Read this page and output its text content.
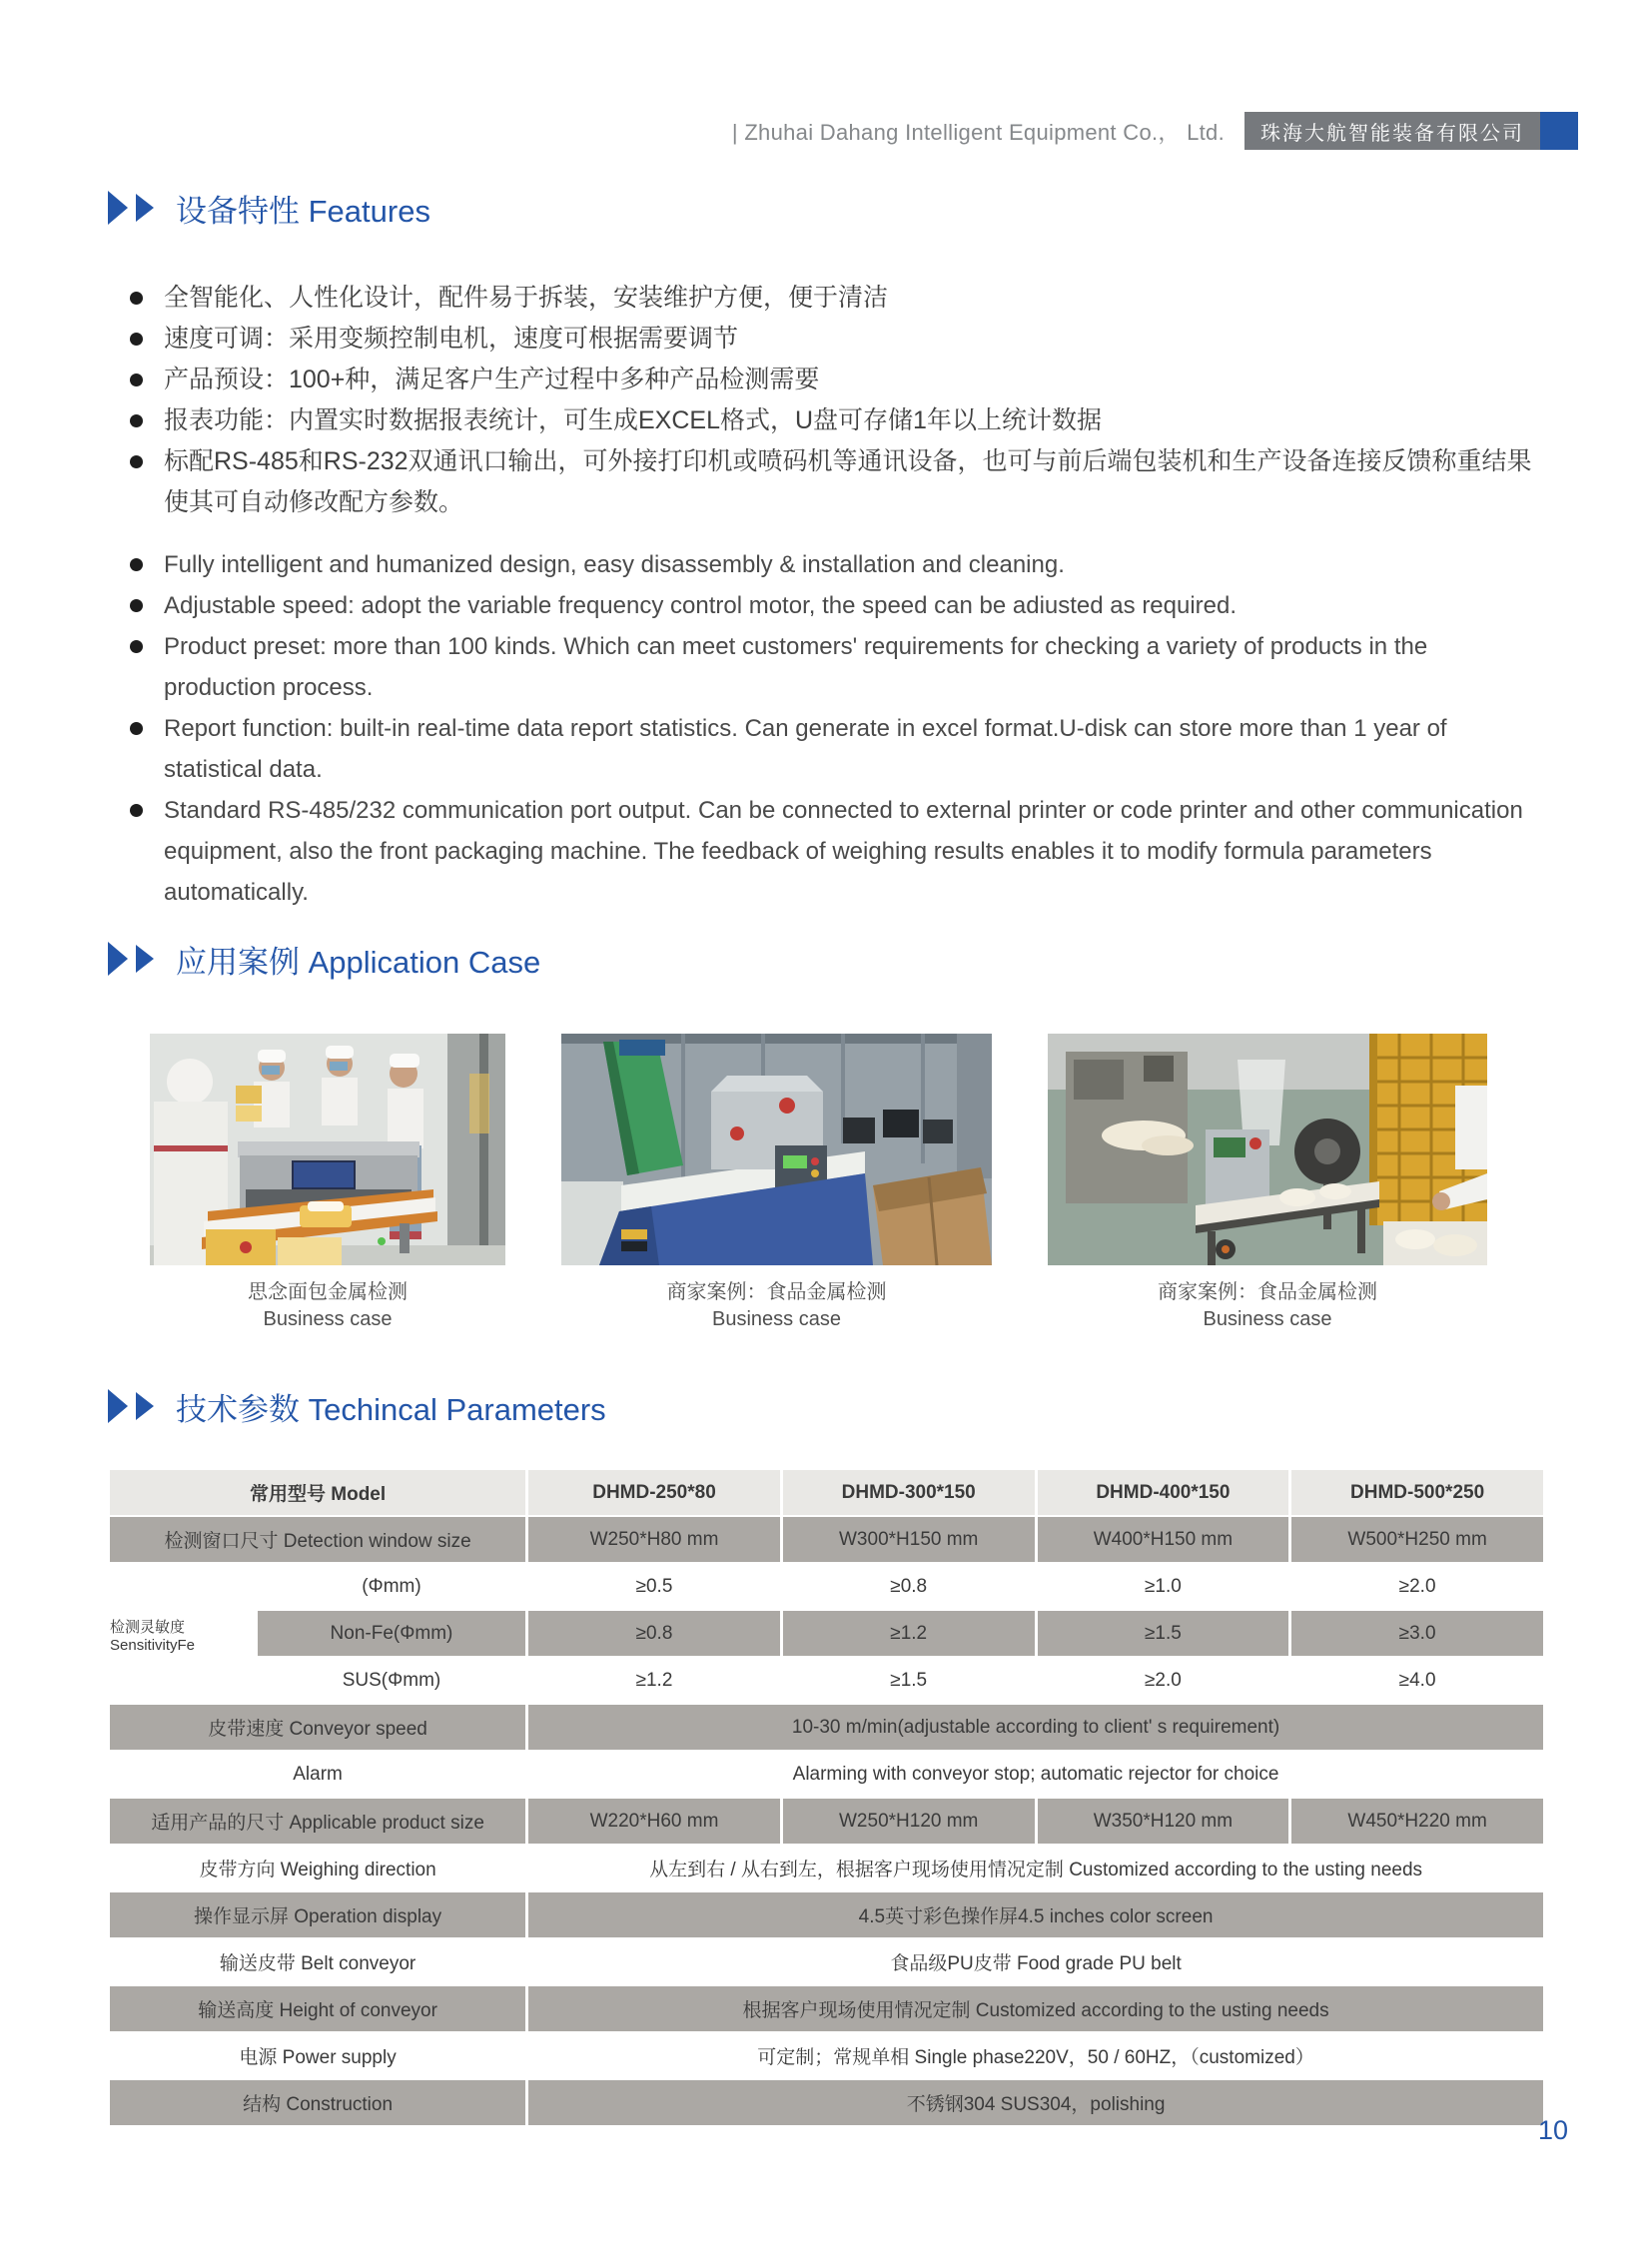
| Zhuhai Dahang Intelligent Equipment Co.， Ltd. 珠海大航智能装备有限公司
设备特性 Features
全智能化、人性化设计，配件易于拆装，安装维护方便，便于清洁
速度可调：采用变频控制电机，速度可根据需要调节
产品预设：100+种，满足客户生产过程中多种产品检测需要
报表功能：内置实时数据报表统计，可生成EXCEL格式，U盘可存储1年以上统计数据
标配RS-485和RS-232双通讯口输出，可外接打印机或喷码机等通讯设备，也可与前后端包装机和生产设备连接反馈称重结果 使其可自动修改配方参数。
Fully intelligent and humanized design, easy disassembly & installation and cleaning.
Adjustable speed: adopt the variable frequency control motor, the speed can be adiusted as required.
Product preset: more than 100 kinds. Which can meet customers' requirements for checking a variety of products in the production process.
Report function: built-in real-time data report statistics. Can generate in excel format.U-disk can store more than 1 year of statistical data.
Standard RS-485/232 communication port output. Can be connected to external printer or code printer and other communication equipment, also the front packaging machine. The feedback of weighing results enables it to modify formula parameters automatically.
应用案例 Application Case
思念面包金属检测
Business case
商家案例：食品金属检测
Business case
商家案例：食品金属检测
Business case
技术参数 Techincal Parameters
常用型号 Model	DHMD-250*80	DHMD-300*150	DHMD-400*150	DHMD-500*250
检测窗口尺寸 Detection window size	W250*H80 mm	W300*H150 mm	W400*H150 mm	W500*H250 mm
检测灵敏度SensitivityFe
(Φmm)	≥0.5	≥0.8	≥1.0	≥2.0
Non-Fe(Φmm)	≥0.8	≥1.2	≥1.5	≥3.0
SUS(Φmm)	≥1.2	≥1.5	≥2.0	≥4.0
皮带速度 Conveyor speed	10-30 m/min(adjustable according to client' s requirement)
Alarm	Alarming with conveyor stop; automatic rejector for choice
适用产品的尺寸 Applicable product size	W220*H60 mm	W250*H120 mm	W350*H120 mm	W450*H220 mm
皮带方向 Weighing direction	从左到右 / 从右到左，根据客户现场使用情况定制 Customized according to the usting needs
操作显示屏 Operation display	4.5英寸彩色操作屏4.5 inches color screen
输送皮带 Belt conveyor	食品级PU皮带 Food grade PU belt
输送高度 Height of conveyor	根据客户现场使用情况定制 Customized according to the usting needs
电源 Power supply	可定制；常规单相 Single phase220V，50 / 60HZ，（customized）
结构 Construction	不锈钢304 SUS304，polishing
10
